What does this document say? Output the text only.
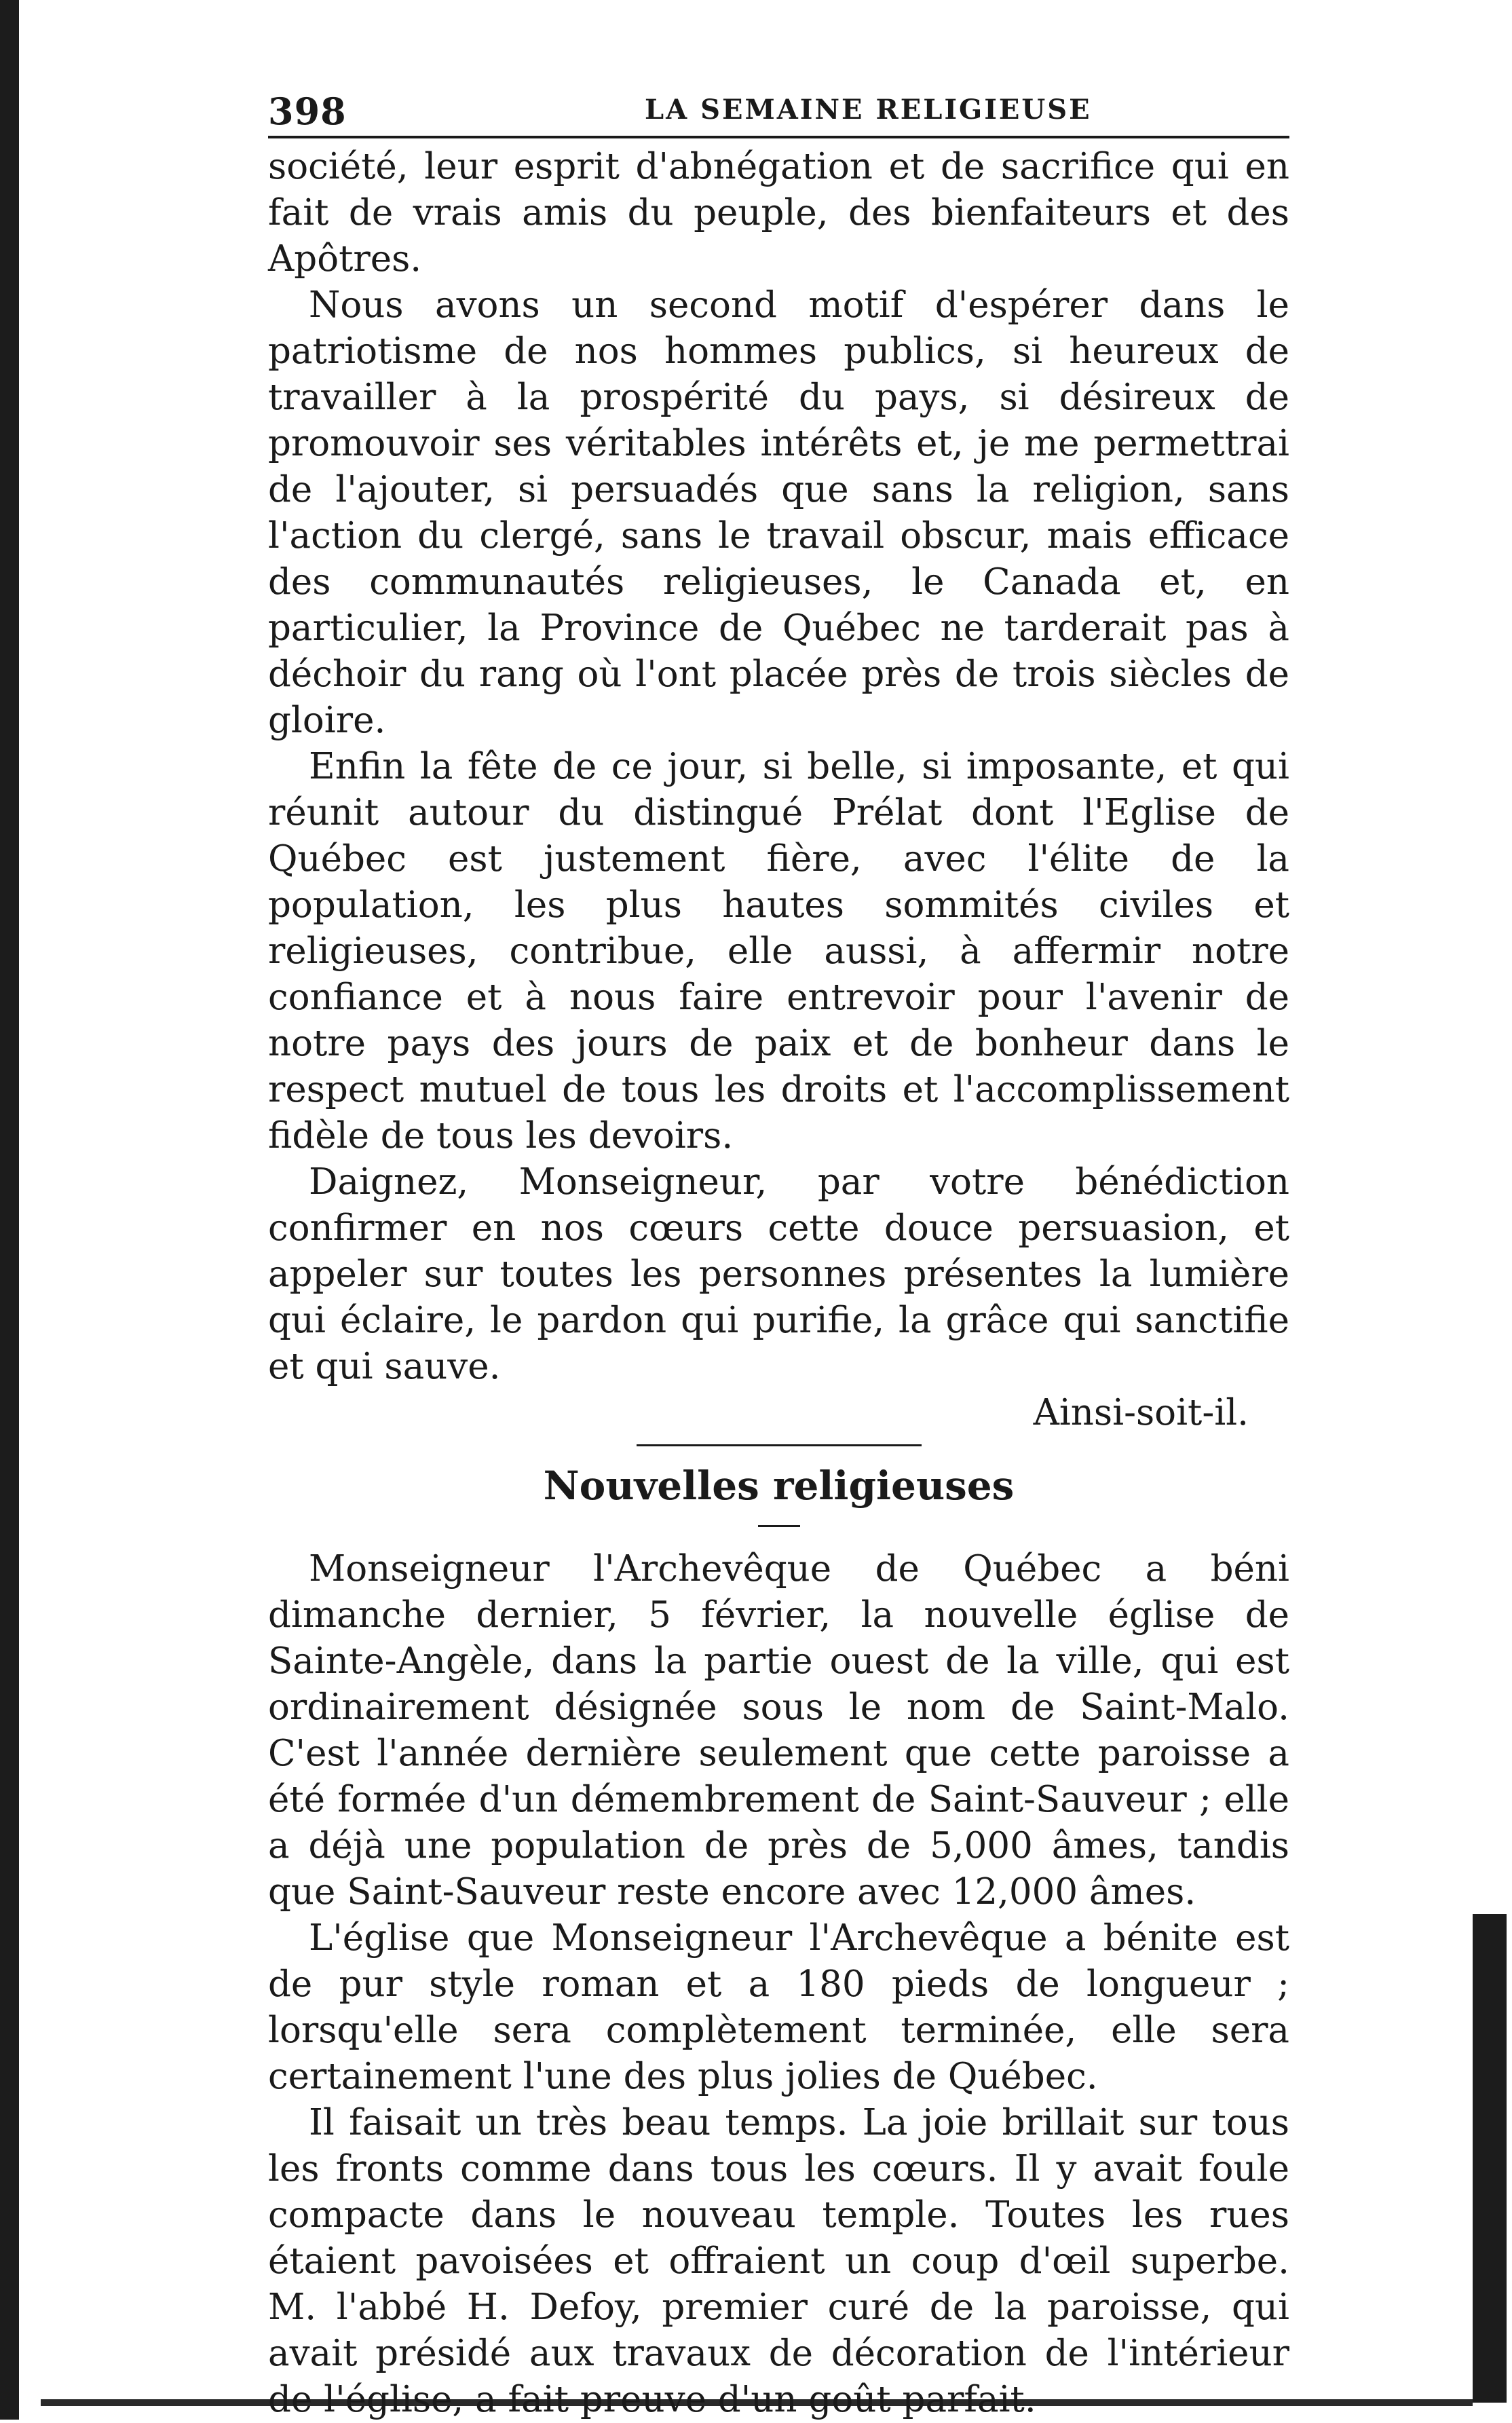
398	LA SEMAINE RELIGIEUSE

société, leur esprit d'abnégation et de sacrifice qui en fait de vrais amis du peuple, des bienfaiteurs et des Apôtres.

Nous avons un second motif d'espérer dans le patriotisme de nos hommes publics, si heureux de travailler à la prospérité du pays, si désireux de promouvoir ses véritables intérêts et, je me permettrai de l'ajouter, si persuadés que sans la religion, sans l'action du clergé, sans le travail obscur, mais efficace des communautés religieuses, le Canada et, en particulier, la Province de Québec ne tarderait pas à déchoir du rang où l'ont placée près de trois siècles de gloire.

Enfin la fête de ce jour, si belle, si imposante, et qui réunit autour du distingué Prélat dont l'Eglise de Québec est justement fière, avec l'élite de la population, les plus hautes sommités civiles et religieuses, contribue, elle aussi, à affermir notre confiance et à nous faire entrevoir pour l'avenir de notre pays des jours de paix et de bonheur dans le respect mutuel de tous les droits et l'accomplissement fidèle de tous les devoirs.

Daignez, Monseigneur, par votre bénédiction confirmer en nos cœurs cette douce persuasion, et appeler sur toutes les personnes présentes la lumière qui éclaire, le pardon qui purifie, la grâce qui sanctifie et qui sauve.

Ainsi-soit-il.
Nouvelles religieuses

Monseigneur l'Archevêque de Québec a béni dimanche dernier, 5 février, la nouvelle église de Sainte-Angèle, dans la partie ouest de la ville, qui est ordinairement désignée sous le nom de Saint-Malo. C'est l'année dernière seulement que cette paroisse a été formée d'un démembrement de Saint-Sauveur ; elle a déjà une population de près de 5,000 âmes, tandis que Saint-Sauveur reste encore avec 12,000 âmes.

L'église que Monseigneur l'Archevêque a bénite est de pur style roman et a 180 pieds de longueur ; lorsqu'elle sera complètement terminée, elle sera certainement l'une des plus jolies de Québec.

Il faisait un très beau temps. La joie brillait sur tous les fronts comme dans tous les cœurs. Il y avait foule compacte dans le nouveau temple. Toutes les rues étaient pavoisées et offraient un coup d'œil superbe. M. l'abbé H. Defoy, premier curé de la paroisse, qui avait présidé aux travaux de décoration de l'intérieur de l'église, a fait preuve d'un goût parfait.
